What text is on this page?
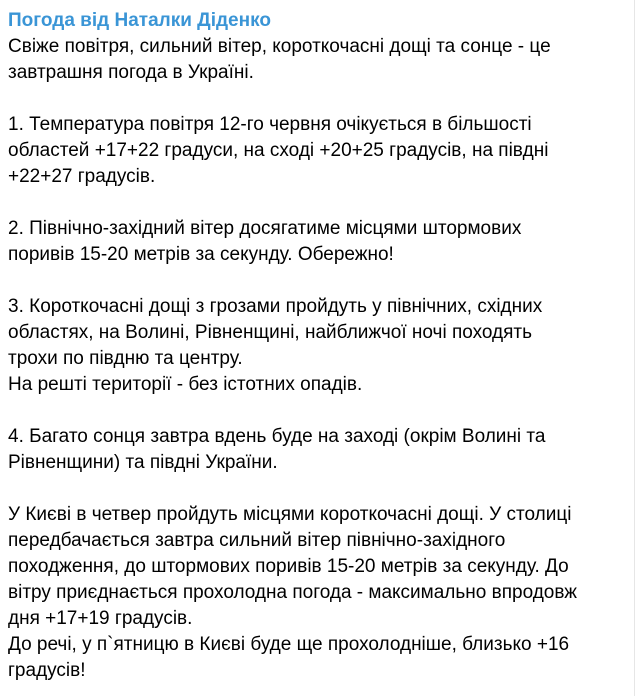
Погода від Наталки Діденко
Свіже повітря, сильний вітер, короткочасні дощі та сонце - це
завтрашня погода в Україні.
1. Температура повітря 12-го червня очікується в більшості
областей +17+22 градуси, на сході +20+25 градусів, на півдні
+22+27 градусів.
2. Північно-західний вітер досягатиме місцями штормових
поривів 15-20 метрів за секунду. Обережно!
3. Короткочасні дощі з грозами пройдуть у північних, східних
областях, на Волині, Рівненщині, найближчої ночі походять
трохи по півдню та центру.
На решті території - без істотних опадів.
4. Багато сонця завтра вдень буде на заході (окрім Волині та
Рівненщини) та півдні України.
У Києві в четвер пройдуть місцями короткочасні дощі. У столиці
передбачається завтра сильний вітер північно-західного
походження, до штормових поривів 15-20 метрів за секунду. До
вітру приєднається прохолодна погода - максимально впродовж
дня +17+19 градусів.
До речі, у п`ятницю в Києві буде ще прохолодніше, близько +16
градусів!
